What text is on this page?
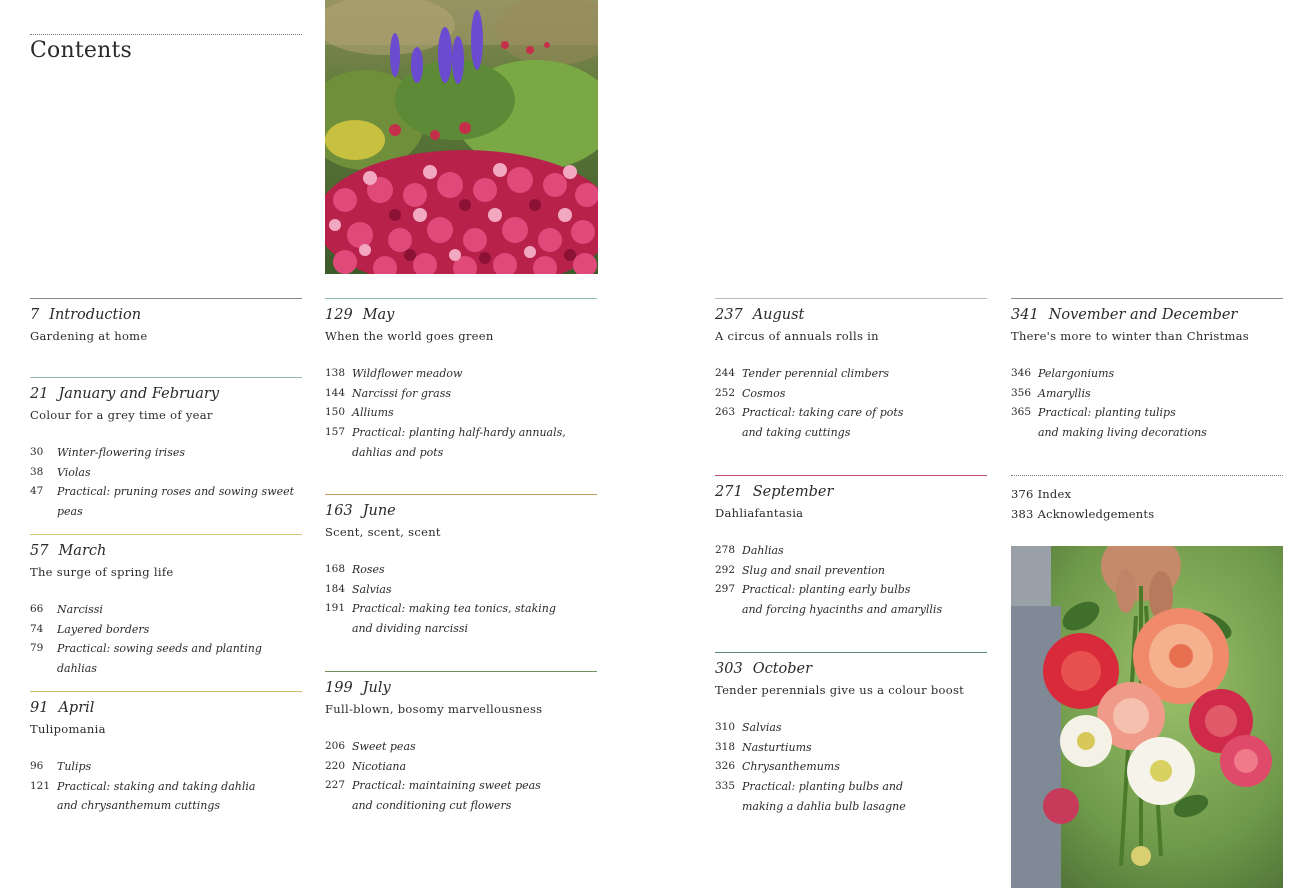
Contents
7 Introduction
Gardening at home
21 January and February
Colour for a grey time of year
30	Winter-flowering irises
38	Violas
47	Practical: pruning roses and sowing sweet peas
57 March
The surge of spring life
66	Narcissi
74	Layered borders
79	Practical: sowing seeds and planting dahlias
91 April
Tulipomania
96	Tulips
121 Practical: staking and taking dahlia
and chrysanthemum cuttings
129 May
When the world goes green
138 Wildflower meadow
144 Narcissi for grass
150 Alliums
157 Practical: planting half-hardy annuals,
dahlias and pots
163 June
Scent, scent, scent
168 Roses
184 Salvias
191 Practical: making tea tonics, staking
and dividing narcissi
199 July
Full-blown, bosomy marvellousness
206 Sweet peas
220 Nicotiana
227 Practical: maintaining sweet peas
and conditioning cut flowers
237 August
A circus of annuals rolls in
244 Tender perennial climbers
252 Cosmos
263 Practical: taking care of pots
and taking cuttings
271 September
Dahliafantasia
278 Dahlias
292 Slug and snail prevention
297 Practical: planting early bulbs
and forcing hyacinths and amaryllis
303 October
Tender perennials give us a colour boost
310 Salvias
318 Nasturtiums
326 Chrysanthemums
335 Practical: planting bulbs and
making a dahlia bulb lasagne
341 November and December
There's more to winter than Christmas
346 Pelargoniums
356 Amaryllis
365 Practical: planting tulips
and making living decorations
376 Index
383 Acknowledgements
